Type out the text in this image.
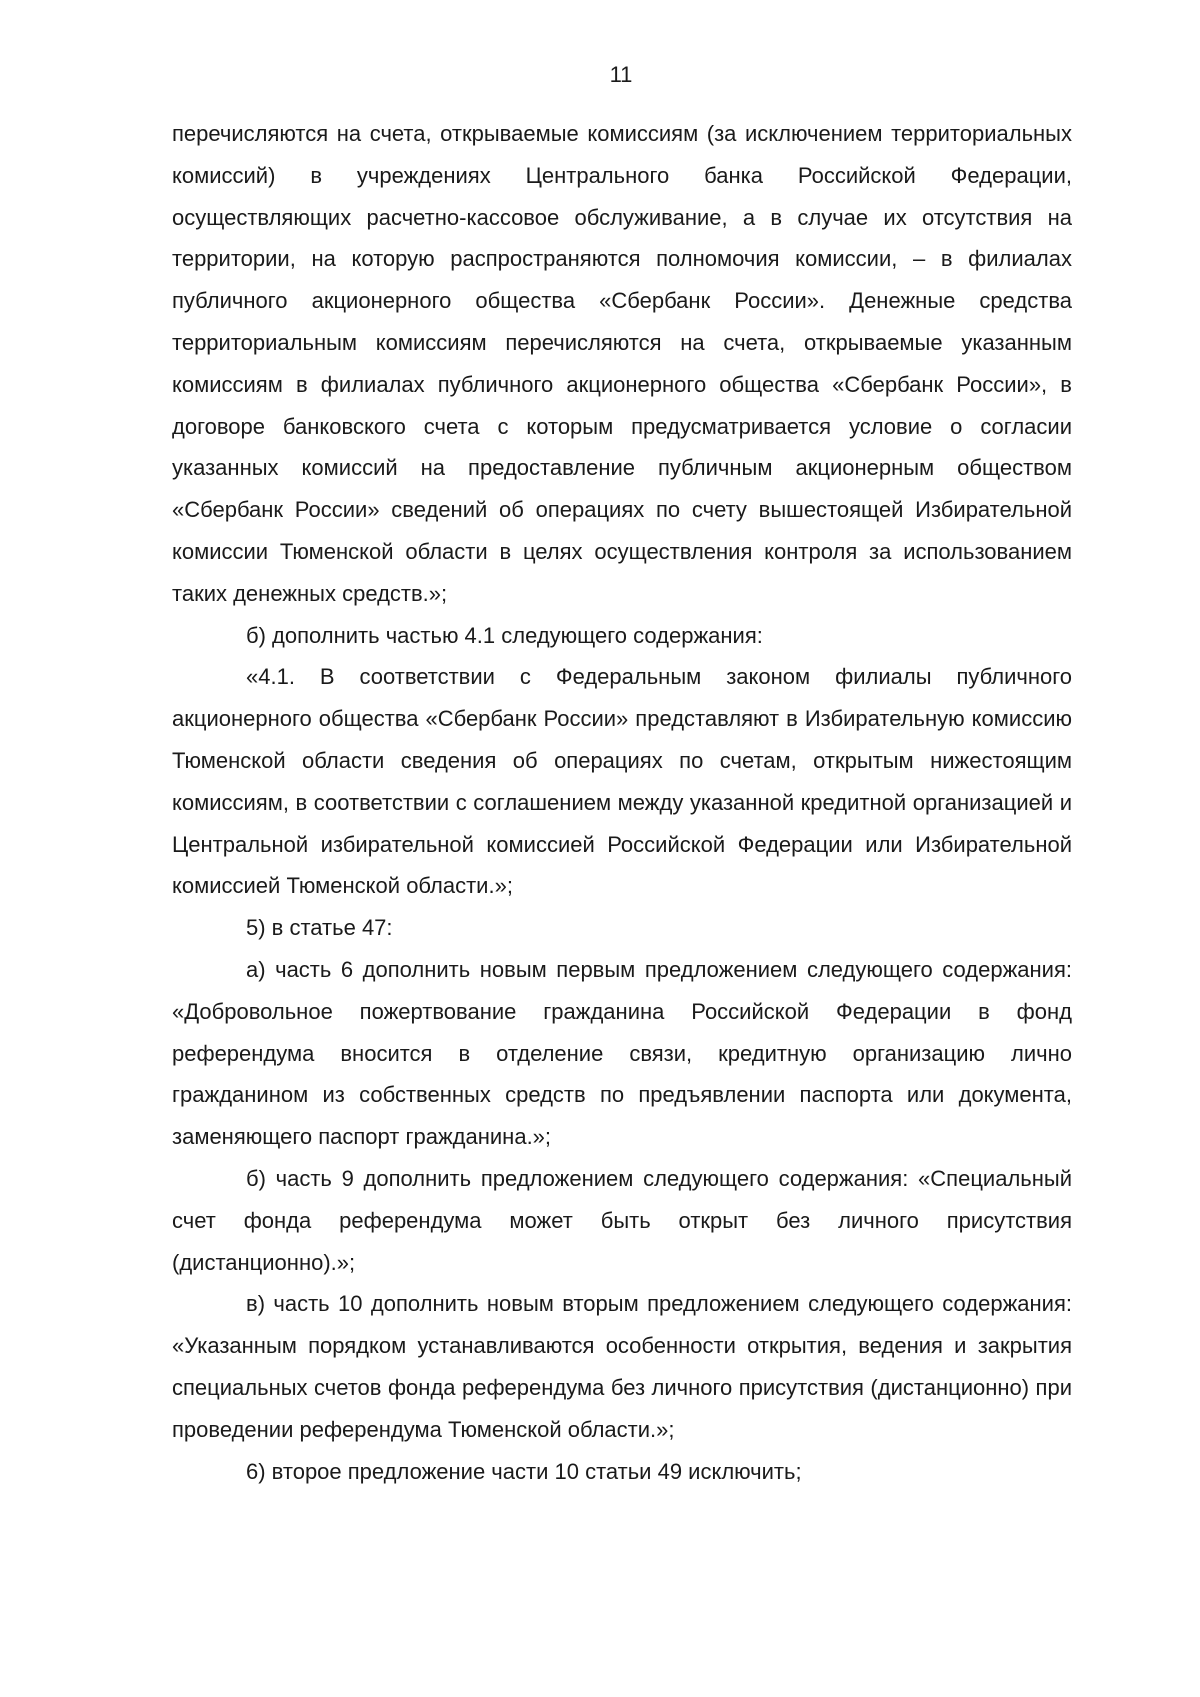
11

перечисляются на счета, открываемые комиссиям (за исключением территориальных комиссий) в учреждениях Центрального банка Российской Федерации, осуществляющих расчетно-кассовое обслуживание, а в случае их отсутствия на территории, на которую распространяются полномочия комиссии, – в филиалах публичного акционерного общества «Сбербанк России». Денежные средства территориальным комиссиям перечисляются на счета, открываемые указанным комиссиям в филиалах публичного акционерного общества «Сбербанк России», в договоре банковского счета с которым предусматривается условие о согласии указанных комиссий на предоставление публичным акционерным обществом «Сбербанк России» сведений об операциях по счету вышестоящей Избирательной комиссии Тюменской области в целях осуществления контроля за использованием таких денежных средств.»;

б) дополнить частью 4.1 следующего содержания:

«4.1. В соответствии с Федеральным законом филиалы публичного акционерного общества «Сбербанк России» представляют в Избирательную комиссию Тюменской области сведения об операциях по счетам, открытым нижестоящим комиссиям, в соответствии с соглашением между указанной кредитной организацией и Центральной избирательной комиссией Российской Федерации или Избирательной комиссией Тюменской области.»;

5) в статье 47:

а) часть 6 дополнить новым первым предложением следующего содержания: «Добровольное пожертвование гражданина Российской Федерации в фонд референдума вносится в отделение связи, кредитную организацию лично гражданином из собственных средств по предъявлении паспорта или документа, заменяющего паспорт гражданина.»;

б) часть 9 дополнить предложением следующего содержания: «Специальный счет фонда референдума может быть открыт без личного присутствия (дистанционно).»;

в) часть 10 дополнить новым вторым предложением следующего содержания: «Указанным порядком устанавливаются особенности открытия, ведения и закрытия специальных счетов фонда референдума без личного присутствия (дистанционно) при проведении референдума Тюменской области.»;

6) второе предложение части 10 статьи 49 исключить;
